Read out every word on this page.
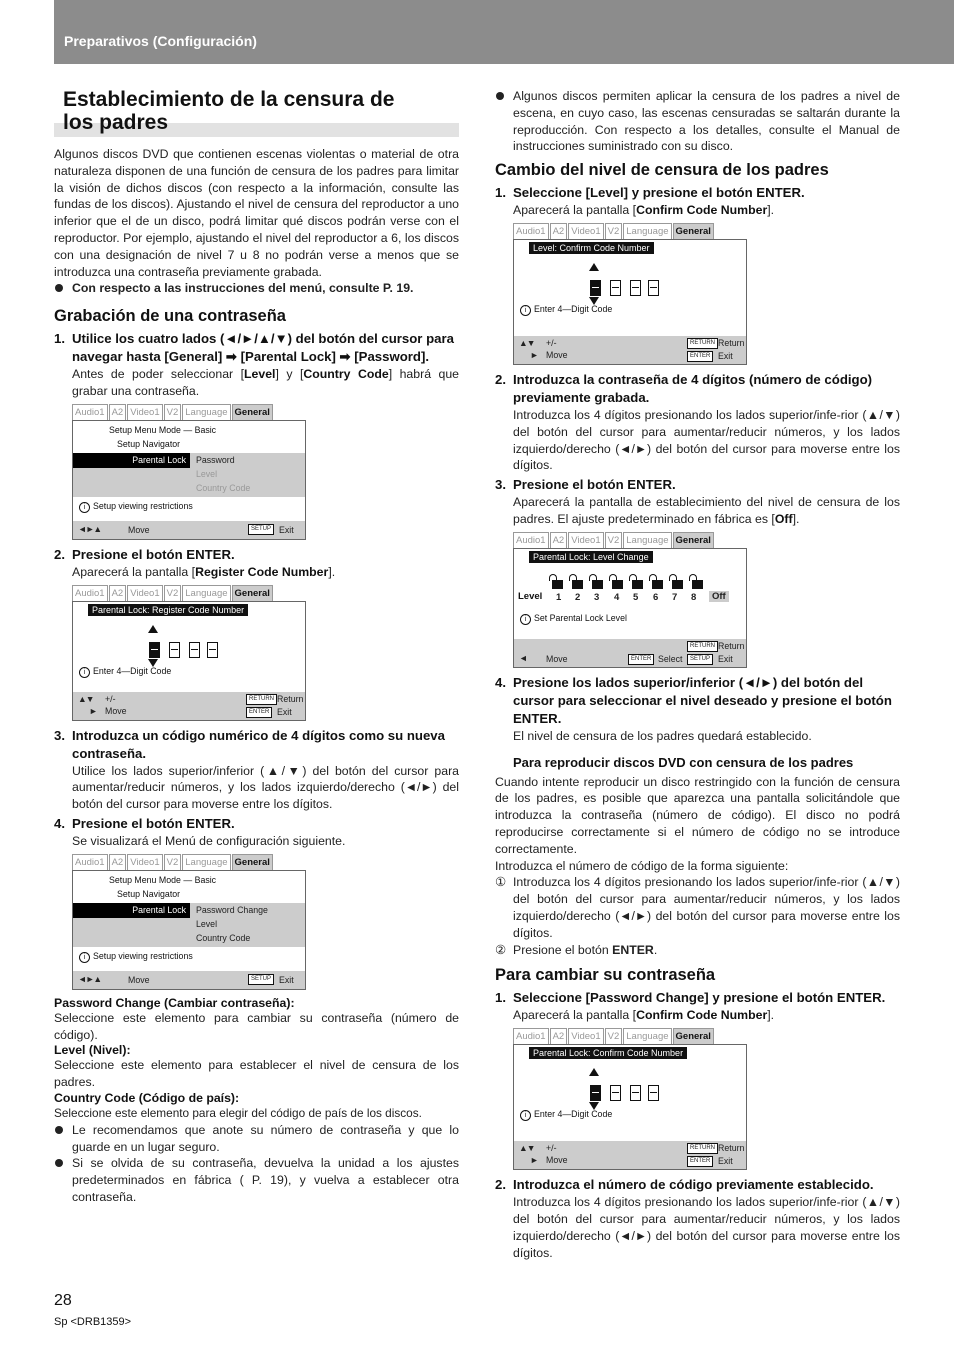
Preparativos (Configuración)
Establecimiento de la censura de
los padres

Algunos discos DVD que contienen escenas violentas o material de otra naturaleza disponen de una función de censura de los padres para limitar la visión de dichos discos (con respecto a la información, consulte las fundas de los discos). Ajustando el nivel de censura del reproductor a uno inferior que el de un disco, podrá limitar qué discos podrán verse con el reproductor. Por ejemplo, ajustando el nivel del reproductor a 6, los discos con una designación de nivel 7 u 8 no podrán verse a menos que se introduzca una contraseña previamente grabada.

Con respecto a las instrucciones del menú, consulte P. 19.
Grabación de una contraseña
1. Utilice los cuatro lados (◄/►/▲/▼) del botón del cursor para navegar hasta [General] ➡ [Parental Lock] ➡ [Password].

Antes de poder seleccionar [Level] y [Country Code] habrá que grabar una contraseña.

Audio1 A2 Video1 V2 Language General
Setup Menu Mode — Basic
Setup Navigator
Parental Lock	Password
Level
Country Code
i Setup viewing restrictions
◄►▲	Move	SETUP Exit
2. Presione el botón ENTER.

Aparecerá la pantalla [Register Code Number].

Audio1 A2 Video1 V2 Language General
Parental Lock: Register Code Number
i Enter 4—Digit Code
▲▼ +/-
► Move
RETURN Return
ENTER Exit
3. Introduzca un código numérico de 4 dígitos como su nueva contraseña.

Utilice los lados superior/inferior (▲/▼) del botón del cursor para aumentar/reducir números, y los lados izquierdo/derecho (◄/►) del botón del cursor para moverse entre los dígitos.

4. Presione el botón ENTER.

Se visualizará el Menú de configuración siguiente.

Audio1 A2 Video1 V2 Language General
Setup Menu Mode — Basic
Setup Navigator
Parental Lock	Password Change
Level
Country Code
i Setup viewing restrictions
◄►▲	Move	SETUP Exit
Password Change (Cambiar contraseña):

Seleccione este elemento para cambiar su contraseña (número de código).

Level (Nivel):

Seleccione este elemento para establecer el nivel de censura de los padres.

Country Code (Código de país):

Seleccione este elemento para elegir del código de país de los discos.

Le recomendamos que anote su número de contraseña y que lo guarde en un lugar seguro.
Si se olvida de su contraseña, devuelva la unidad a los ajustes predeterminados en fábrica ( P. 19), y vuelva a establecer otra contraseña.
Algunos discos permiten aplicar la censura de los padres a nivel de escena, en cuyo caso, las escenas censuradas se saltarán durante la reproducción. Con respecto a los detalles, consulte el Manual de instrucciones suministrado con su disco.
Cambio del nivel de censura de los padres
1. Seleccione [Level] y presione el botón ENTER.

Aparecerá la pantalla [Confirm Code Number].

Audio1 A2 Video1 V2 Language General
Level: Confirm Code Number
i Enter 4—Digit Code
▲▼ +/-
► Move
RETURN Return
ENTER Exit
2. Introduzca la contraseña de 4 dígitos (número de código) previamente grabada.

Introduzca los 4 dígitos presionando los lados superior/infe-rior (▲/▼) del botón del cursor para aumentar/reducir números, y los lados izquierdo/derecho (◄/►) del botón del cursor para moverse entre los dígitos.

3. Presione el botón ENTER.

Aparecerá la pantalla de establecimiento del nivel de censura de los padres. El ajuste predeterminado en fábrica es [Off].

Audio1 A2 Video1 V2 Language General
Parental Lock: Level Change
Level 1 2 3 4 5 6 7 8	Off
i Set Parental Lock Level
◄ Move	ENTER Select
RETURN Return
SETUP Exit
4. Presione los lados superior/inferior (◄/►) del botón del cursor para seleccionar el nivel deseado y presione el botón ENTER.

El nivel de censura de los padres quedará establecido.

Para reproducir discos DVD con censura de los padres

Cuando intente reproducir un disco restringido con la función de censura de los padres, es posible que aparezca una pantalla solicitándole que introduzca la contraseña (número de código). El disco no podrá reproducirse correctamente si el número de código no se introduce correctamente.

Introduzca el número de código de la forma siguiente:

① Introduzca los 4 dígitos presionando los lados superior/infe-rior (▲/▼) del botón del cursor para aumentar/reducir números, y los lados izquierdo/derecho (◄/►) del botón del cursor para moverse entre los dígitos.
② Presione el botón ENTER.
Para cambiar su contraseña
1. Seleccione [Password Change] y presione el botón ENTER.

Aparecerá la pantalla [Confirm Code Number].

Audio1 A2 Video1 V2 Language General
Parental Lock: Confirm Code Number
i Enter 4—Digit Code
▲▼ +/-
► Move
RETURN Return
ENTER Exit
2. Introduzca el número de código previamente establecido.

Introduzca los 4 dígitos presionando los lados superior/infe-rior (▲/▼) del botón del cursor para aumentar/reducir números, y los lados izquierdo/derecho (◄/►) del botón del cursor para moverse entre los dígitos.

28
Sp <DRB1359>
